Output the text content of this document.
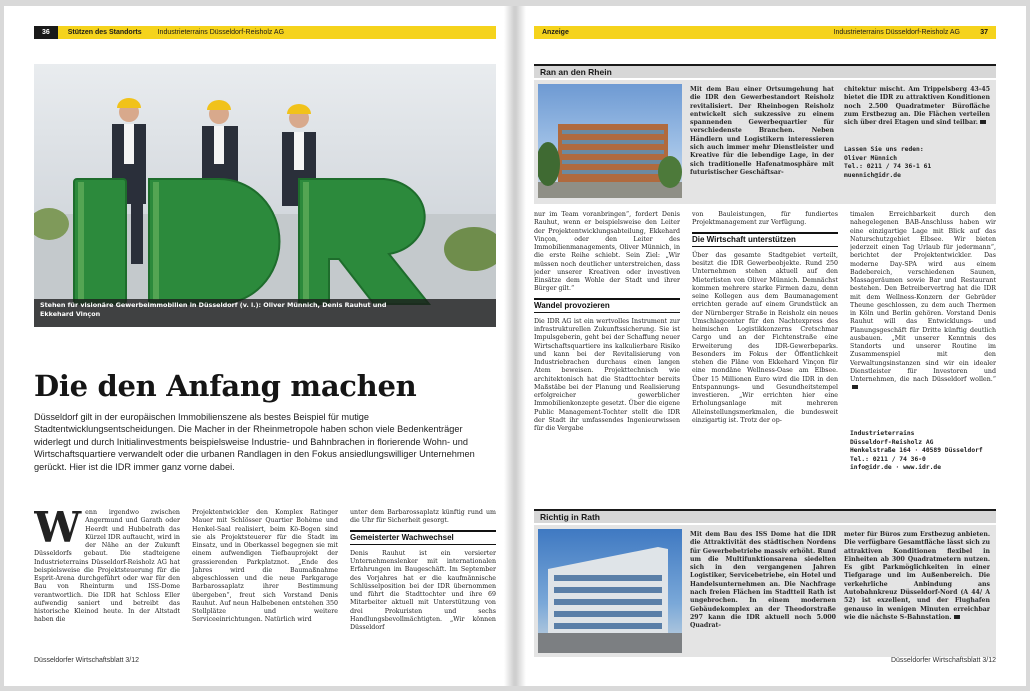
36	Stützen des Standorts Industrieterrains Düsseldorf-Reisholz AG
IDR
Stehen für visionäre Gewerbeimmobilien in Düsseldorf (v. l.): Oliver Münnich, Denis Rauhut und Ekkehard Vinçon
Die den Anfang machen
Düsseldorf gilt in der europäischen Immobilienszene als bestes Beispiel für mutige Stadtentwicklungsentscheidungen. Die Macher in der Rheinmetropole haben schon viele Bedenkenträger widerlegt und durch Initialinvestments beispielsweise Industrie- und Bahnbrachen in florierende Wohn- und Wirtschaftsquartiere verwandelt oder die urbanen Randlagen in den Fokus ansiedlungswilliger Unternehmen gerückt. Hier ist die IDR immer ganz vorne dabei.
Wenn irgendwo zwischen Angermund und Garath oder Heerdt und Hubbelrath das Kürzel IDR auftaucht, wird in der Nähe an der Zukunft Düsseldorfs gebaut. Die stadteigene Industrieterrains Düsseldorf-Reisholz AG hat beispielsweise die Projektsteuerung für die Esprit-Arena durchgeführt oder war für den Bau von Rheinturm und ISS-Dome verantwortlich. Die IDR hat Schloss Eller aufwendig saniert und betreibt das historische Kleinod heute. In der Altstadt haben die
Projektentwickler den Komplex Ratinger Mauer mit Schlösser Quartier Bohème und Henkel-Saal realisiert, beim Kö-Bogen sind sie als Projektsteuerer für die Stadt im Einsatz, und in Oberkassel begegnen sie mit einem aufwendigen Tiefbauprojekt der grassierenden Parkplatznot. „Ende des Jahres wird die Baumaßnahme abgeschlossen und die neue Parkgarage Barbarossaplatz ihrer Bestimmung übergeben“, freut sich Vorstand Denis Rauhut. Auf neun Halbebenen entstehen 350 Stellplätze und weitere Serviceeinrichtungen. Natürlich wird

unter dem Barbarossaplatz künftig rund um die Uhr für Sicherheit gesorgt.

Gemeisterter Wachwechsel

Denis Rauhut ist ein versierter Unternehmenslenker mit internationalen Erfahrungen im Baugeschäft. Im September des Vorjahres hat er die kaufmännische Schlüsselposition bei der IDR übernommen und führt die Stadttochter und ihre 69 Mitarbeiter aktuell mit Unterstützung von drei Prokuristen und sechs Handlungsbevollmächtigten. „Wir können Düsseldorf

Düsseldorfer Wirtschaftsblatt 3/12
Anzeige	Industrieterrains Düsseldorf-Reisholz AG	37
Ran an den Rhein
Mit dem Bau einer Ortsumgehung hat die IDR den Gewerbestandort Reisholz revitalisiert. Der Rheinbogen Reisholz entwickelt sich sukzessive zu einem spannenden Gewerbequartier für verschiedenste Branchen. Neben Händlern und Logistikern interessieren sich auch immer mehr Dienstleister und Kreative für die lebendige Lage, in der sich traditionelle Hafenatmosphäre mit futuristischer Geschäftsar-
chitektur mischt. Am Trippelsberg 43-45 bietet die IDR zu attraktiven Konditionen noch 2.500 Quadratmeter Bürofläche zum Erstbezug an. Die Flächen verteilen sich über drei Etagen und sind teilbar.
Lassen Sie uns reden:
Oliver Münnich
Tel.: 0211 / 74 36-1 61
muennich@idr.de

nur im Team voranbringen“, fordert Denis Rauhut, wenn er beispielsweise den Leiter der Projektentwicklungsabteilung, Ekkehard Vinçon, oder den Leiter des Immobilienmanagements, Oliver Münnich, in die erste Reihe schiebt. Sein Ziel: „Wir müssen noch deutlicher unterstreichen, dass jeder unserer Kreativen oder investiven Einsätze dem Wohle der Stadt und ihrer Bürger gilt.“

Wandel provozieren

Die IDR AG ist ein wertvolles Instrument zur infrastrukturellen Zukunftssicherung. Sie ist Impulsgeberin, geht bei der Schaffung neuer Wirtschaftsquartiere ins kalkulierbare Risiko und kann bei der Revitalisierung von Industriebrachen durchaus einen langen Atem beweisen. Projekttechnisch wie architektonisch hat die Stadttochter bereits Maßstäbe bei der Planung und Realisierung erfolgreicher gewerblicher Immobilienkonzepte gesetzt. Über die eigene Public Management-Tochter stellt die IDR der Stadt ihr umfassendes Ingenieurwissen für die Vergabe

von Bauleistungen, für fundiertes Projektmanagement zur Verfügung.

Die Wirtschaft unterstützen

Über das gesamte Stadtgebiet verteilt, besitzt die IDR Gewerbeobjekte. Rund 250 Unternehmen stehen aktuell auf den Mieterlisten von Oliver Münnich. Demnächst kommen mehrere starke Firmen dazu, denn seine Kollegen aus dem Baumanagement errichten gerade auf einem Grundstück an der Nürnberger Straße in Reisholz ein neues Umschlagcenter für den Nachtexpress des heimischen Logistikkonzerns Cretschmar Cargo und an der Fichtenstraße eine Erweiterung des IDR-Gewerbeparks. Besonders im Fokus der Öffentlichkeit stehen die Pläne von Ekkehard Vinçon für eine mondäne Wellness-Oase am Elbsee. Über 15 Millionen Euro wird die IDR in den Entspannungs- und Gesundheitstempel investieren. „Wir errichten hier eine Erholungsanlage mit mehreren Alleinstellungsmerkmalen, die bundesweit einzigartig ist. Trotz der op-

timalen Erreichbarkeit durch den nahegelegenen BAB-Anschluss haben wir eine einzigartige Lage mit Blick auf das Naturschutzgebiet Elbsee. Wir bieten jederzeit einen Tag Urlaub für jedermann“, berichtet der Projektentwickler. Das moderne Day-SPA wird aus einem Badebereich, verschiedenen Saunen, Massageräumen sowie Bar und Restaurant bestehen. Den Betreibervertrag hat die IDR mit dem Wellness-Konzern der Gebrüder Theune geschlossen, zu dem auch Thermen in Köln und Berlin gehören. Vorstand Denis Rauhut will das Entwicklungs- und Planungsgeschäft für Dritte künftig deutlich ausbauen. „Mit unserer Kenntnis des Standorts und unserer Routine im Zusammenspiel mit den Verwaltungsinstanzen sind wir ein idealer Dienstleister für Investoren und Unternehmen, die nach Düsseldorf wollen.“
Industrieterrains
Düsseldorf-Reisholz AG
Henkelstraße 164 · 40589 Düsseldorf
Tel.: 0211 / 74 36-0
info@idr.de · www.idr.de
Richtig in Rath
Mit dem Bau des ISS Dome hat die IDR die Attraktivität des städtischen Nordens für Gewerbebetriebe massiv erhöht. Rund um die Multifunktionsarena siedelten sich in den vergangenen Jahren Logistiker, Servicebetriebe, ein Hotel und Handelsunternehmen an. Die Nachfrage nach freien Flächen im Stadtteil Rath ist ungebrochen. In einem modernen Gebäudekomplex an der Theodorstraße 297 kann die IDR aktuell noch 5.000 Quadrat-
meter für Büros zum Erstbezug anbieten. Die verfügbare Gesamtfläche lässt sich zu attraktiven Konditionen flexibel in Einheiten ab 300 Quadratmetern nutzen. Es gibt Parkmöglichkeiten in einer Tiefgarage und im Außenbereich. Die verkehrliche Anbindung ans Autobahnkreuz Düsseldorf-Nord (A 44/ A 52) ist exzellent, und der Flughafen genauso in wenigen Minuten erreichbar wie die nächste S-Bahnstation.
Düsseldorfer Wirtschaftsblatt 3/12
